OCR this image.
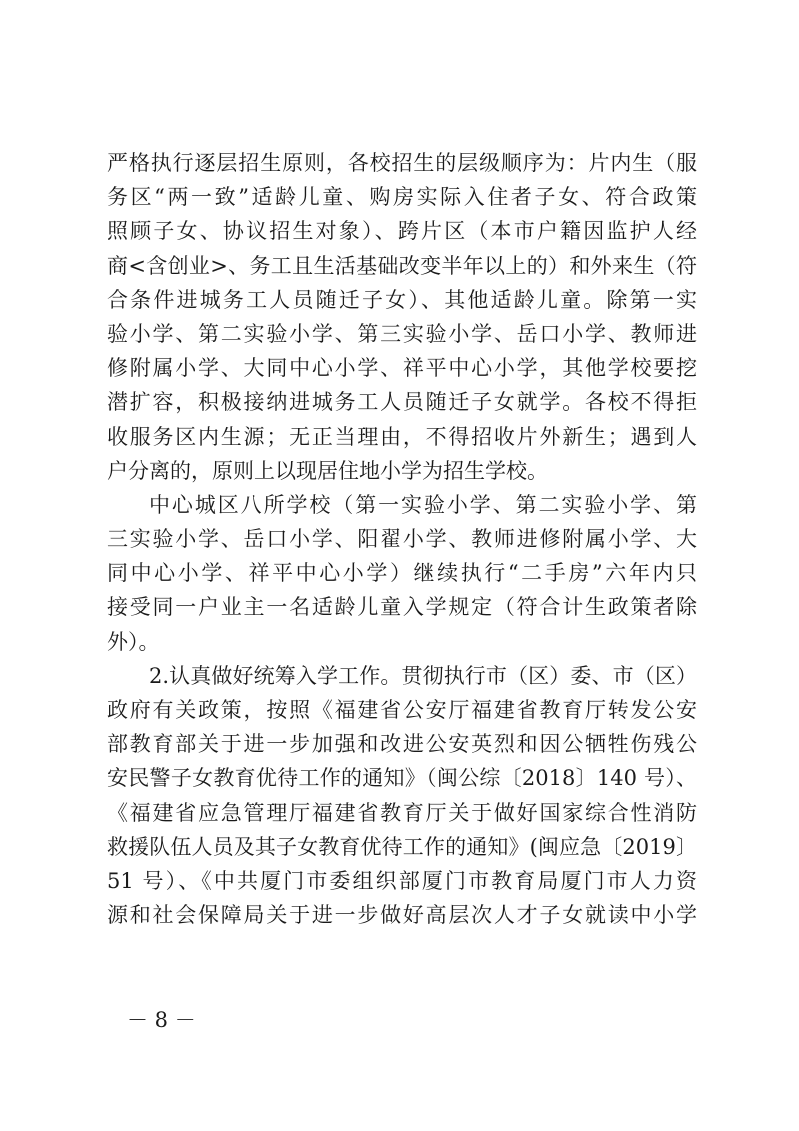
严格执行逐层招生原则，各校招生的层级顺序为：片内生（服
务区“两一致”适龄儿童、购房实际入住者子女、符合政策
照顾子女、协议招生对象）、跨片区（本市户籍因监护人经
商<含创业>、务工且生活基础改变半年以上的）和外来生（符
合条件进城务工人员随迁子女）、其他适龄儿童。除第一实
验小学、第二实验小学、第三实验小学、岳口小学、教师进
修附属小学、大同中心小学、祥平中心小学，其他学校要挖
潜扩容，积极接纳进城务工人员随迁子女就学。各校不得拒
收服务区内生源；无正当理由，不得招收片外新生；遇到人
户分离的，原则上以现居住地小学为招生学校。
中心城区八所学校（第一实验小学、第二实验小学、第
三实验小学、岳口小学、阳翟小学、教师进修附属小学、大
同中心小学、祥平中心小学）继续执行“二手房”六年内只
接受同一户业主一名适龄儿童入学规定（符合计生政策者除
外）。
2.认真做好统筹入学工作。贯彻执行市（区）委、市（区）
政府有关政策，按照《福建省公安厅福建省教育厅转发公安
部教育部关于进一步加强和改进公安英烈和因公牺牲伤残公
安民警子女教育优待工作的通知》（闽公综〔2018〕140 号）、
《福建省应急管理厅福建省教育厅关于做好国家综合性消防
救援队伍人员及其子女教育优待工作的通知》(闽应急〔2019〕
51 号）、《中共厦门市委组织部厦门市教育局厦门市人力资
源和社会保障局关于进一步做好高层次人才子女就读中小学
－ 8 －
